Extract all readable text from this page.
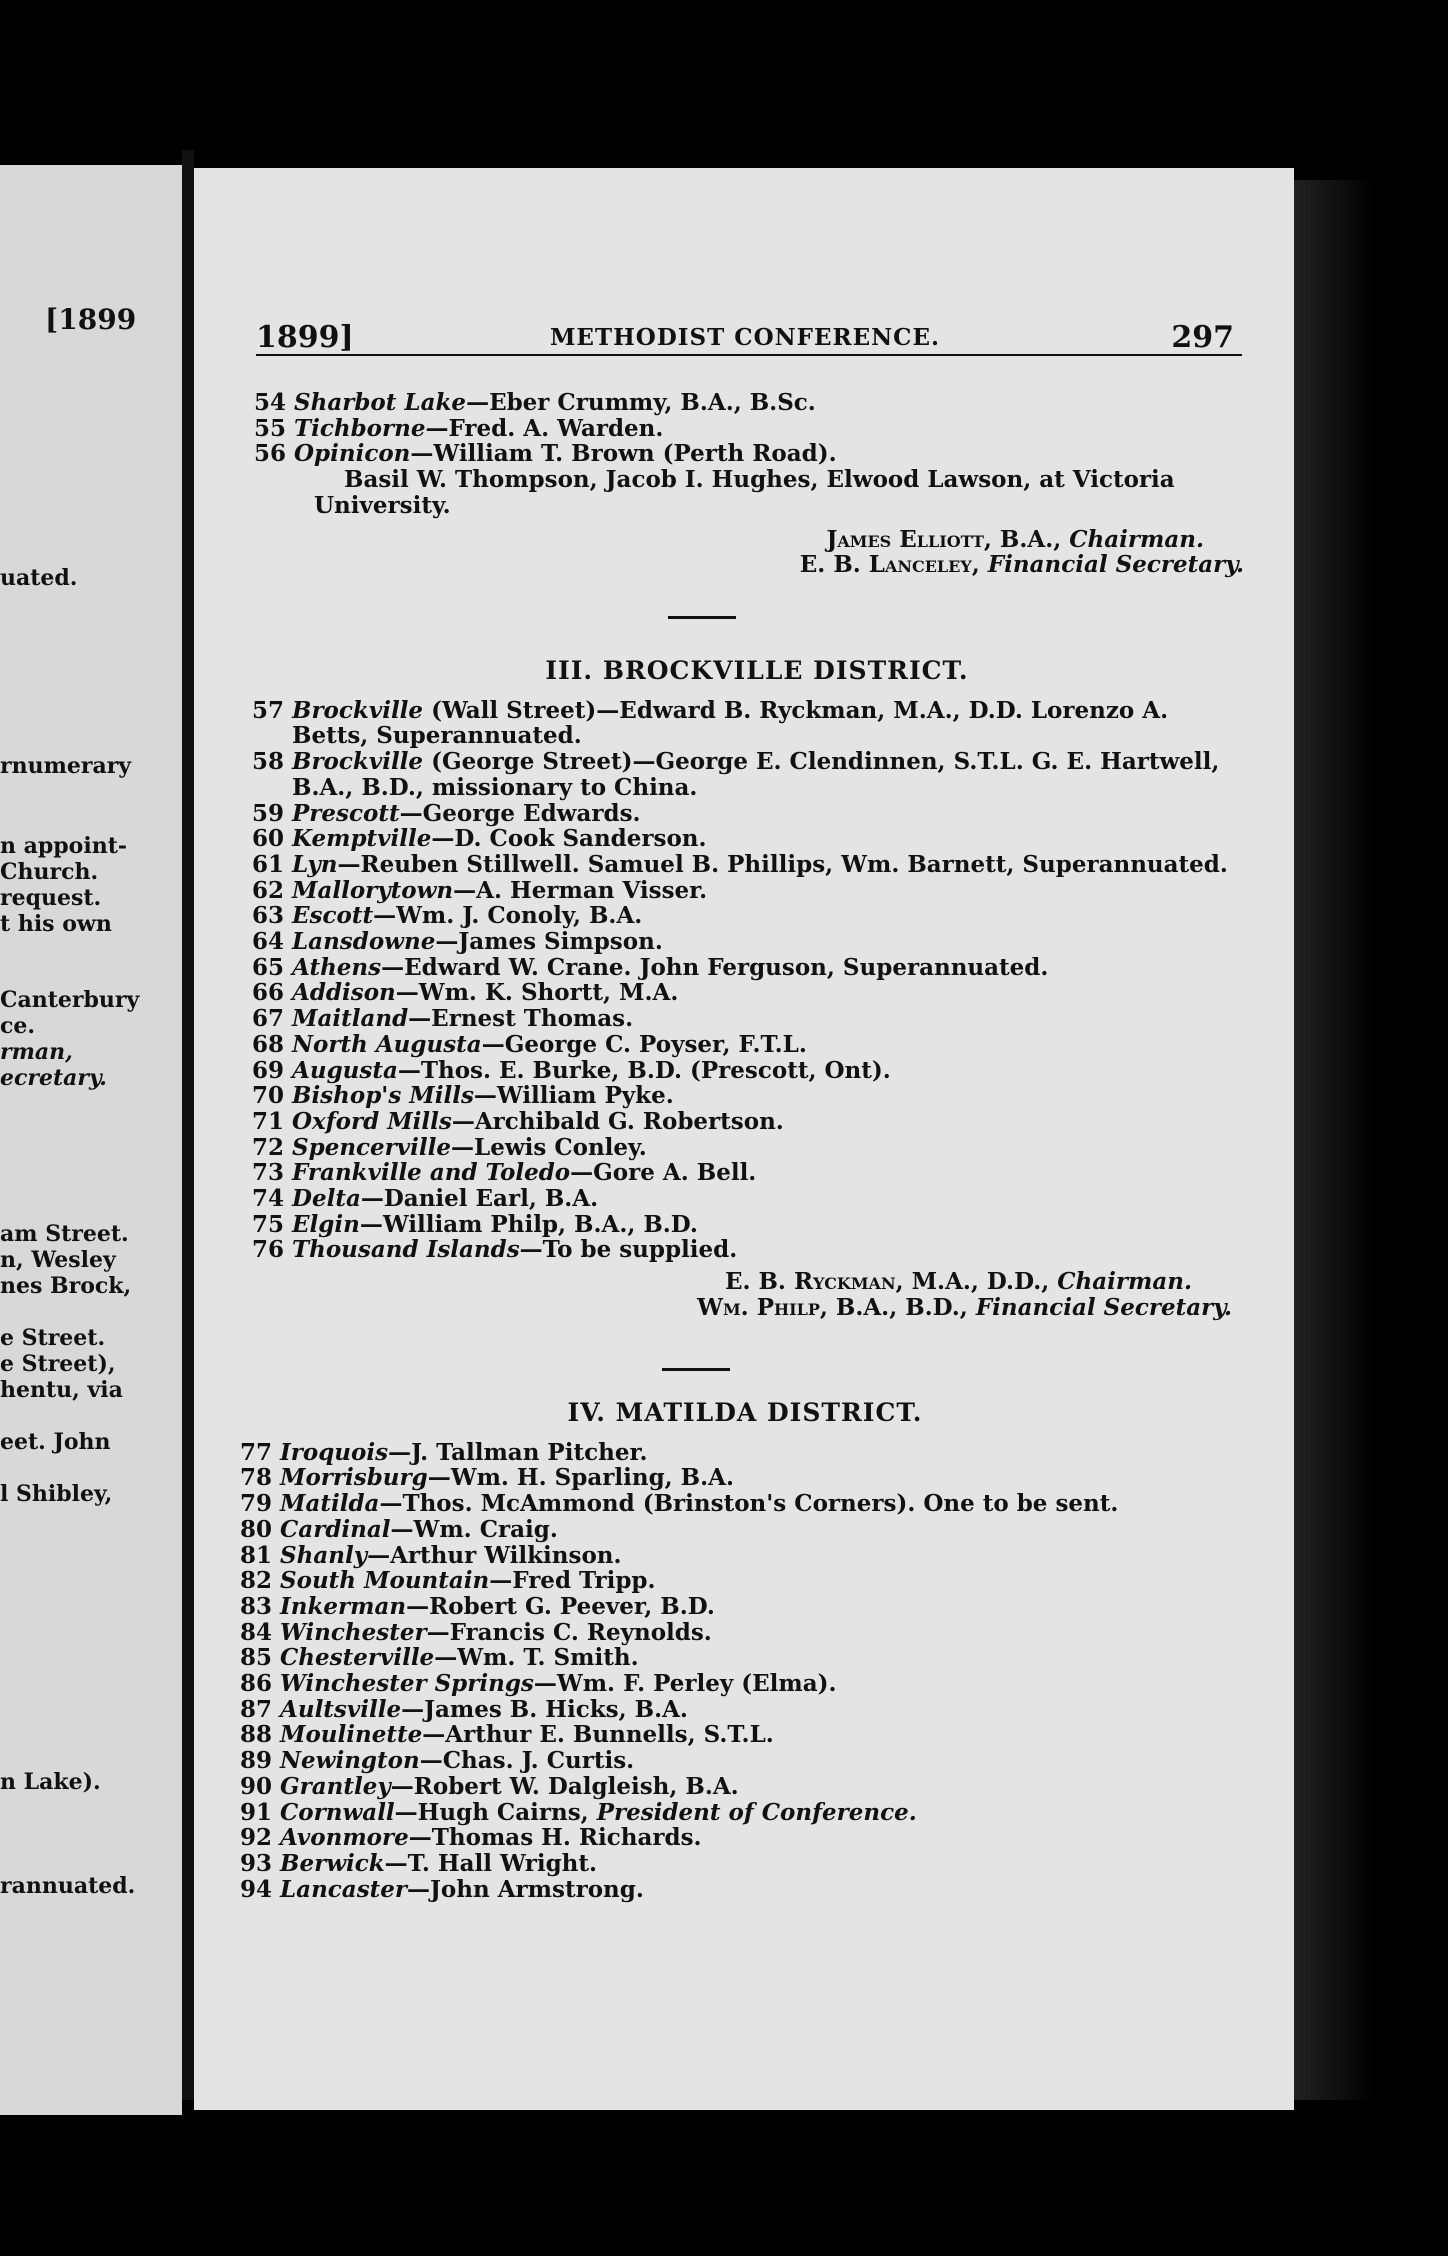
[1899
uated.
rnumerary
n appoint-
Church.
request.
t his own
Canterbury
ce.
rman,
ecretary.
am Street.
n, Wesley
nes Brock,
e Street.
e Street),
hentu, via
eet. John
l Shibley,
n Lake).
rannuated.
1899]	METHODIST CONFERENCE.	297
54 Sharbot Lake—Eber Crummy, B.A., B.Sc.
55 Tichborne—Fred. A. Warden.
56 Opinicon—William T. Brown (Perth Road).
Basil W. Thompson, Jacob I. Hughes, Elwood Lawson, at Victoria
University.
James Elliott, B.A., Chairman.
E. B. Lanceley, Financial Secretary.
III. BROCKVILLE DISTRICT.
57 Brockville (Wall Street)—Edward B. Ryckman, M.A., D.D. Lorenzo A.
Betts, Superannuated.
58 Brockville (George Street)—George E. Clendinnen, S.T.L. G. E. Hartwell,
B.A., B.D., missionary to China.
59 Prescott—George Edwards.
60 Kemptville—D. Cook Sanderson.
61 Lyn—Reuben Stillwell. Samuel B. Phillips, Wm. Barnett, Superannuated.
62 Mallorytown—A. Herman Visser.
63 Escott—Wm. J. Conoly, B.A.
64 Lansdowne—James Simpson.
65 Athens—Edward W. Crane. John Ferguson, Superannuated.
66 Addison—Wm. K. Shortt, M.A.
67 Maitland—Ernest Thomas.
68 North Augusta—George C. Poyser, F.T.L.
69 Augusta—Thos. E. Burke, B.D. (Prescott, Ont).
70 Bishop's Mills—William Pyke.
71 Oxford Mills—Archibald G. Robertson.
72 Spencerville—Lewis Conley.
73 Frankville and Toledo—Gore A. Bell.
74 Delta—Daniel Earl, B.A.
75 Elgin—William Philp, B.A., B.D.
76 Thousand Islands—To be supplied.
E. B. Ryckman, M.A., D.D., Chairman.
Wm. Philp, B.A., B.D., Financial Secretary.
IV. MATILDA DISTRICT.
77 Iroquois—J. Tallman Pitcher.
78 Morrisburg—Wm. H. Sparling, B.A.
79 Matilda—Thos. McAmmond (Brinston's Corners). One to be sent.
80 Cardinal—Wm. Craig.
81 Shanly—Arthur Wilkinson.
82 South Mountain—Fred Tripp.
83 Inkerman—Robert G. Peever, B.D.
84 Winchester—Francis C. Reynolds.
85 Chesterville—Wm. T. Smith.
86 Winchester Springs—Wm. F. Perley (Elma).
87 Aultsville—James B. Hicks, B.A.
88 Moulinette—Arthur E. Bunnells, S.T.L.
89 Newington—Chas. J. Curtis.
90 Grantley—Robert W. Dalgleish, B.A.
91 Cornwall—Hugh Cairns, President of Conference.
92 Avonmore—Thomas H. Richards.
93 Berwick—T. Hall Wright.
94 Lancaster—John Armstrong.
